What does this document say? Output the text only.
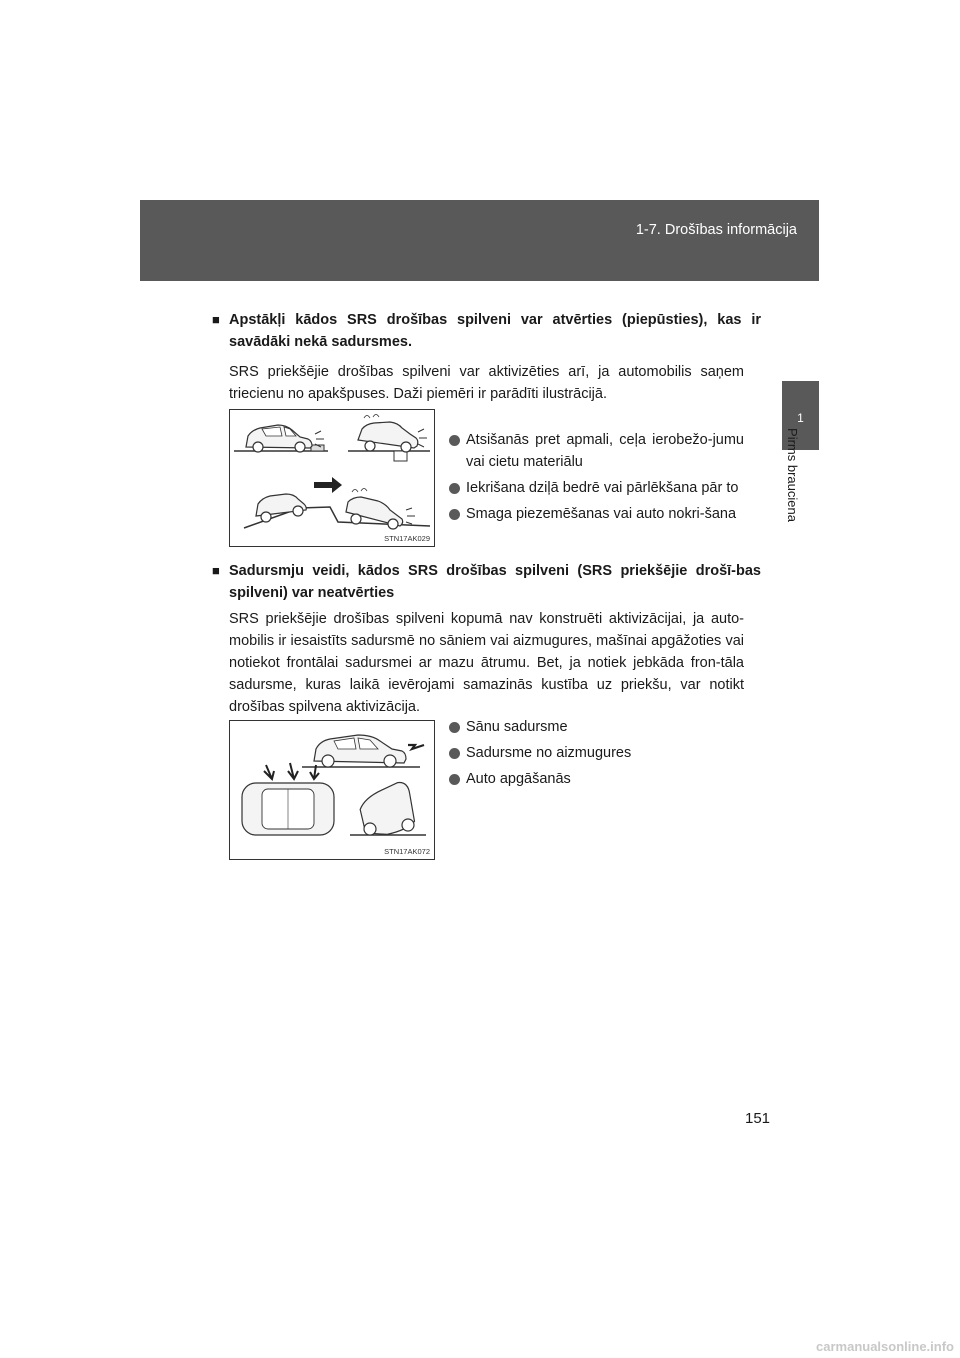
1-7. Drošības informācija
1
Pirms brauciena
■ Apstākļi kādos SRS drošības spilveni var atvērties (piepūsties), kas ir savādāki nekā sadursmes.
SRS priekšējie drošības spilveni var aktivizēties arī, ja automobilis saņem triecienu no apakšpuses. Daži piemēri ir parādīti ilustrācijā.
STN17AK029
Atsišanās pret apmali, ceļa ierobežo-jumu vai cietu materiālu
Iekrišana dziļā bedrē vai pārlēkšana pār to
Smaga piezemēšanas vai auto nokri-šana
■ Sadursmju veidi, kādos SRS drošības spilveni (SRS priekšējie drošī-bas spilveni) var neatvērties
SRS priekšējie drošības spilveni kopumā nav konstruēti aktivizācijai, ja auto-mobilis ir iesaistīts sadursmē no sāniem vai aizmugures, mašīnai apgāžoties vai notiekot frontālai sadursmei ar mazu ātrumu. Bet, ja notiek jebkāda fron-tāla sadursme, kuras laikā ievērojami samazinās kustība uz priekšu, var notikt drošības spilvena aktivizācija.
STN17AK072
Sānu sadursme
Sadursme no aizmugures
Auto apgāšanās
151
carmanualsonline.info
